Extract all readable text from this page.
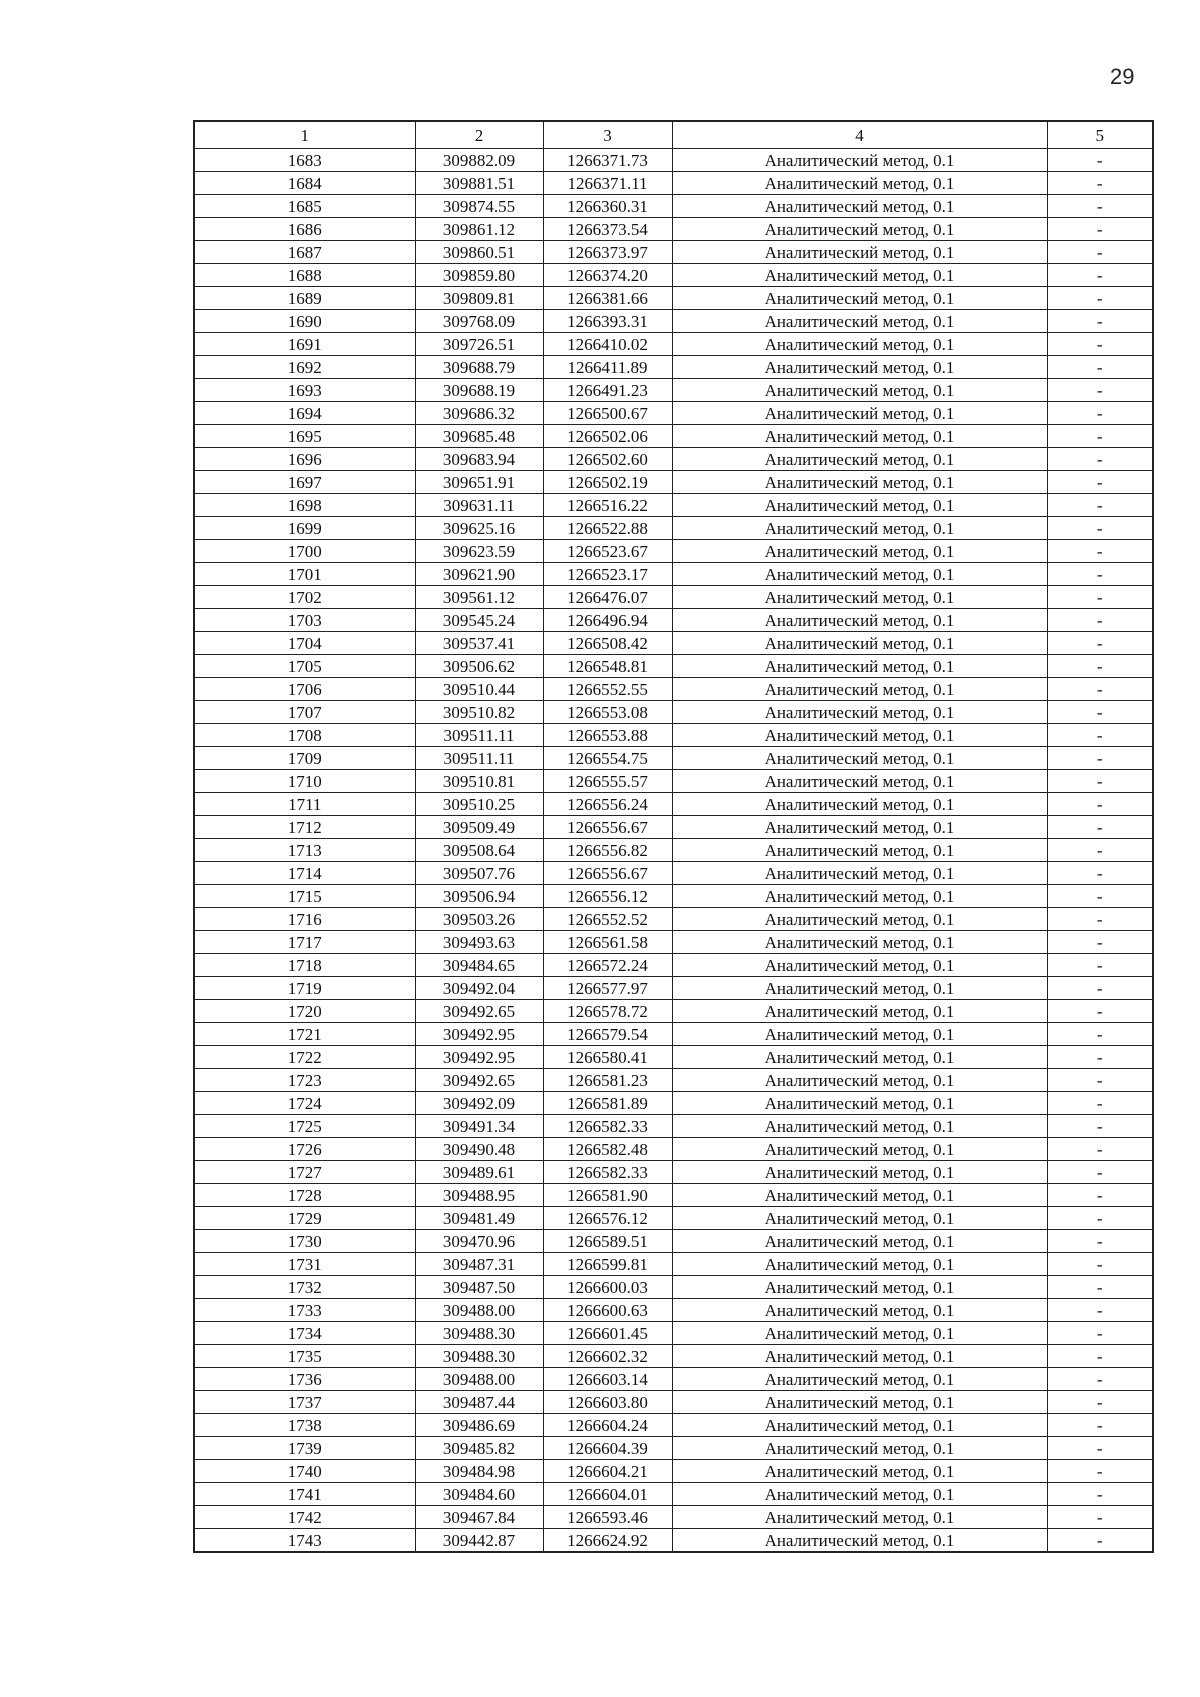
29
1	2	3	4	5
1683	309882.09	1266371.73	Аналитический метод, 0.1	-
1684	309881.51	1266371.11	Аналитический метод, 0.1	-
1685	309874.55	1266360.31	Аналитический метод, 0.1	-
1686	309861.12	1266373.54	Аналитический метод, 0.1	-
1687	309860.51	1266373.97	Аналитический метод, 0.1	-
1688	309859.80	1266374.20	Аналитический метод, 0.1	-
1689	309809.81	1266381.66	Аналитический метод, 0.1	-
1690	309768.09	1266393.31	Аналитический метод, 0.1	-
1691	309726.51	1266410.02	Аналитический метод, 0.1	-
1692	309688.79	1266411.89	Аналитический метод, 0.1	-
1693	309688.19	1266491.23	Аналитический метод, 0.1	-
1694	309686.32	1266500.67	Аналитический метод, 0.1	-
1695	309685.48	1266502.06	Аналитический метод, 0.1	-
1696	309683.94	1266502.60	Аналитический метод, 0.1	-
1697	309651.91	1266502.19	Аналитический метод, 0.1	-
1698	309631.11	1266516.22	Аналитический метод, 0.1	-
1699	309625.16	1266522.88	Аналитический метод, 0.1	-
1700	309623.59	1266523.67	Аналитический метод, 0.1	-
1701	309621.90	1266523.17	Аналитический метод, 0.1	-
1702	309561.12	1266476.07	Аналитический метод, 0.1	-
1703	309545.24	1266496.94	Аналитический метод, 0.1	-
1704	309537.41	1266508.42	Аналитический метод, 0.1	-
1705	309506.62	1266548.81	Аналитический метод, 0.1	-
1706	309510.44	1266552.55	Аналитический метод, 0.1	-
1707	309510.82	1266553.08	Аналитический метод, 0.1	-
1708	309511.11	1266553.88	Аналитический метод, 0.1	-
1709	309511.11	1266554.75	Аналитический метод, 0.1	-
1710	309510.81	1266555.57	Аналитический метод, 0.1	-
1711	309510.25	1266556.24	Аналитический метод, 0.1	-
1712	309509.49	1266556.67	Аналитический метод, 0.1	-
1713	309508.64	1266556.82	Аналитический метод, 0.1	-
1714	309507.76	1266556.67	Аналитический метод, 0.1	-
1715	309506.94	1266556.12	Аналитический метод, 0.1	-
1716	309503.26	1266552.52	Аналитический метод, 0.1	-
1717	309493.63	1266561.58	Аналитический метод, 0.1	-
1718	309484.65	1266572.24	Аналитический метод, 0.1	-
1719	309492.04	1266577.97	Аналитический метод, 0.1	-
1720	309492.65	1266578.72	Аналитический метод, 0.1	-
1721	309492.95	1266579.54	Аналитический метод, 0.1	-
1722	309492.95	1266580.41	Аналитический метод, 0.1	-
1723	309492.65	1266581.23	Аналитический метод, 0.1	-
1724	309492.09	1266581.89	Аналитический метод, 0.1	-
1725	309491.34	1266582.33	Аналитический метод, 0.1	-
1726	309490.48	1266582.48	Аналитический метод, 0.1	-
1727	309489.61	1266582.33	Аналитический метод, 0.1	-
1728	309488.95	1266581.90	Аналитический метод, 0.1	-
1729	309481.49	1266576.12	Аналитический метод, 0.1	-
1730	309470.96	1266589.51	Аналитический метод, 0.1	-
1731	309487.31	1266599.81	Аналитический метод, 0.1	-
1732	309487.50	1266600.03	Аналитический метод, 0.1	-
1733	309488.00	1266600.63	Аналитический метод, 0.1	-
1734	309488.30	1266601.45	Аналитический метод, 0.1	-
1735	309488.30	1266602.32	Аналитический метод, 0.1	-
1736	309488.00	1266603.14	Аналитический метод, 0.1	-
1737	309487.44	1266603.80	Аналитический метод, 0.1	-
1738	309486.69	1266604.24	Аналитический метод, 0.1	-
1739	309485.82	1266604.39	Аналитический метод, 0.1	-
1740	309484.98	1266604.21	Аналитический метод, 0.1	-
1741	309484.60	1266604.01	Аналитический метод, 0.1	-
1742	309467.84	1266593.46	Аналитический метод, 0.1	-
1743	309442.87	1266624.92	Аналитический метод, 0.1	-
